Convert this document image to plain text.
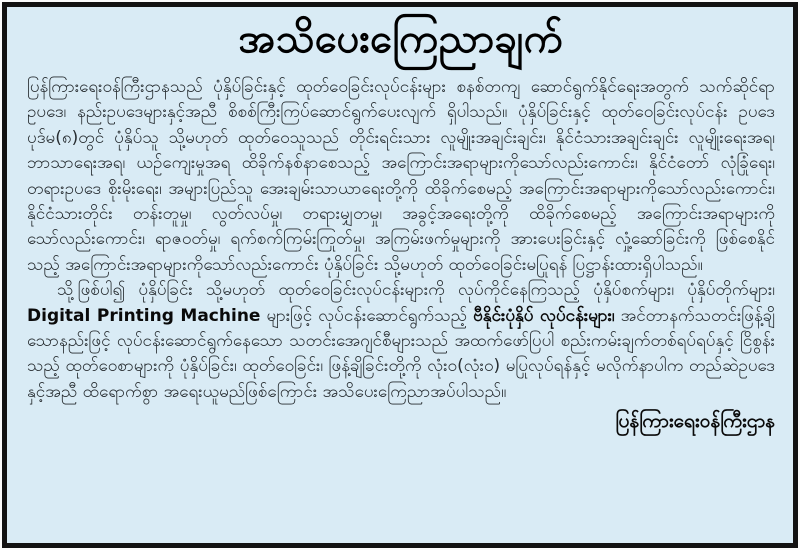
အသိပေးကြေညာချက်

ပြန်ကြားရေးဝန်ကြီးဌာနသည် ပုံနှိပ်ခြင်းနှင့် ထုတ်ဝေခြင်းလုပ်ငန်းများ စနစ်တကျ ဆောင်ရွက်နိုင်ရေးအတွက် သက်ဆိုင်ရာ ဥပဒေ၊ နည်းဥပဒေများနှင့်အညီ စိစစ်ကြီးကြပ်ဆောင်ရွက်ပေးလျက် ရှိပါသည်။ ပုံနှိပ်ခြင်းနှင့် ထုတ်ဝေခြင်းလုပ်ငန်း ဥပဒေပုဒ်မ(၈)တွင် ပုံနှိပ်သူ သို့မဟုတ် ထုတ်ဝေသူသည် တိုင်းရင်းသား လူမျိုးအချင်းချင်း၊ နိုင်ငံသားအချင်းချင်း လူမျိုးရေးအရ၊ ဘာသာရေးအရ၊ ယဉ်ကျေးမှုအရ ထိခိုက်နစ်နာစေသည့် အကြောင်းအရာများကိုသော်လည်းကောင်း၊ နိုင်ငံတော် လုံခြုံရေး၊ တရားဥပဒေ စိုးမိုးရေး၊ အများပြည်သူ အေးချမ်းသာယာရေးတို့ကို ထိခိုက်စေမည့် အကြောင်းအရာများကိုသော်လည်းကောင်း၊ နိုင်ငံသားတိုင်း တန်းတူမှု၊ လွတ်လပ်မှု၊ တရားမျှတမှု၊ အခွင့်အရေးတို့ကို ထိခိုက်စေမည့် အကြောင်းအရာများကိုသော်လည်းကောင်း၊ ရာဇဝတ်မှု၊ ရက်စက်ကြမ်းကြုတ်မှု၊ အကြမ်းဖက်မှုများကို အားပေးခြင်းနှင့် လှုံ့ဆော်ခြင်းကို ဖြစ်စေနိုင်သည့် အကြောင်းအရာများကိုသော်လည်းကောင်း ပုံနှိပ်ခြင်း သို့မဟုတ် ထုတ်ဝေခြင်းမပြုရန် ပြဋ္ဌာန်းထားရှိပါသည်။

သို့ဖြစ်ပါ၍ ပုံနှိပ်ခြင်း သို့မဟုတ် ထုတ်ဝေခြင်းလုပ်ငန်းများကို လုပ်ကိုင်နေကြသည့် ပုံနှိပ်စက်များ၊ ပုံနှိပ်တိုက်များ၊ Digital Printing Machine များဖြင့် လုပ်ငန်းဆောင်ရွက်သည့် ဗီနိုင်းပုံနှိပ် လုပ်ငန်းများ၊ အင်တာနက်သတင်းဖြန့်ချိသောနည်းဖြင့် လုပ်ငန်းဆောင်ရွက်နေသော သတင်းအေဂျင်စီများသည် အထက်ဖော်ပြပါ စည်းကမ်းချက်တစ်ရပ်ရပ်နှင့် ငြိစွန်းသည့် ထုတ်ဝေစာများကို ပုံနှိပ်ခြင်း၊ ထုတ်ဝေခြင်း၊ ဖြန့်ချိခြင်းတို့ကို လုံးဝ(လုံးဝ) မပြုလုပ်ရန်နှင့် မလိုက်နာပါက တည်ဆဲဥပဒေနှင့်အညီ ထိရောက်စွာ အရေးယူမည်ဖြစ်ကြောင်း အသိပေးကြေညာအပ်ပါသည်။

ပြန်ကြားရေးဝန်ကြီးဌာန
